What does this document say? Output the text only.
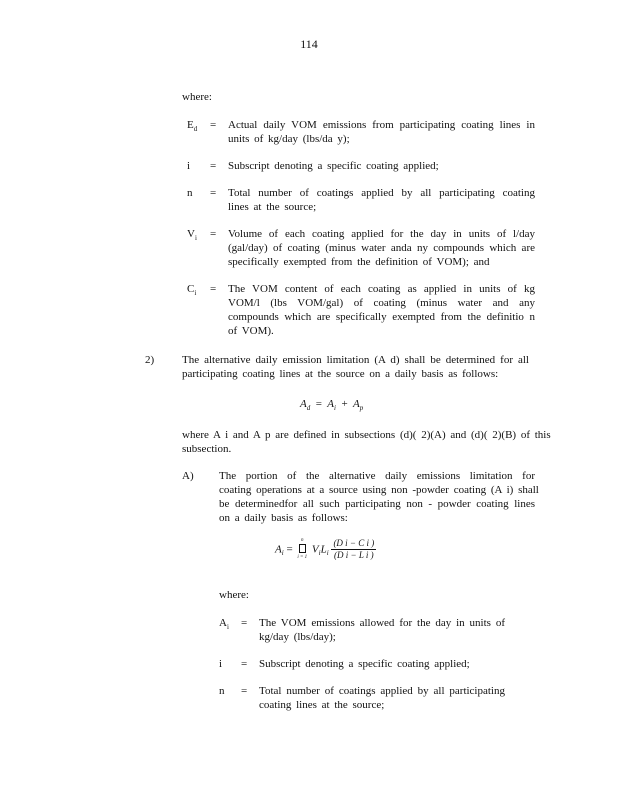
114
where:
$E_d$ = Actual daily VOM emissions from participating coating lines in
units of kg/day (lbs/da y);
i = Subscript denoting a specific coating applied;
n = Total number of coatings applied by all participating coating
lines at the source;
$V_i$ = Volume of each coating applied for the day in units of l/day
(gal/day) of coating (minus water anda ny compounds which are
specifically exempted from the definition of VOM); and
$C_i$ = The VOM content of each coating as applied in units of kg
VOM/l (lbs VOM/gal) of coating (minus water and any
compounds which are specifically exempted from the definitio n
of VOM).
2)	The alternative daily emission limitation (A d) shall be determined for all
participating coating lines at the source on a daily basis as follows:
$A_d = A_i + A_p$
where A i and A p are defined in subsections (d)( 2)(A) and (d)( 2)(B) of this
subsection.
A) The portion of the alternative daily emissions limitation for
coating operations at a source using non -powder coating (A i) shall
be determinedfor all such participating non - powder coating lines
on a daily basis as follows:
$A_i$ =
n
i = 1
$V_iL_i \frac{\text{(D i − C i )}}{\text{(D i − L i )}}$
where:
$A_i$ = The VOM emissions allowed for the day in units of
kg/day (lbs/day);
i = Subscript denoting a specific coating applied;
n = Total number of coatings applied by all participating
coating lines at the source;
